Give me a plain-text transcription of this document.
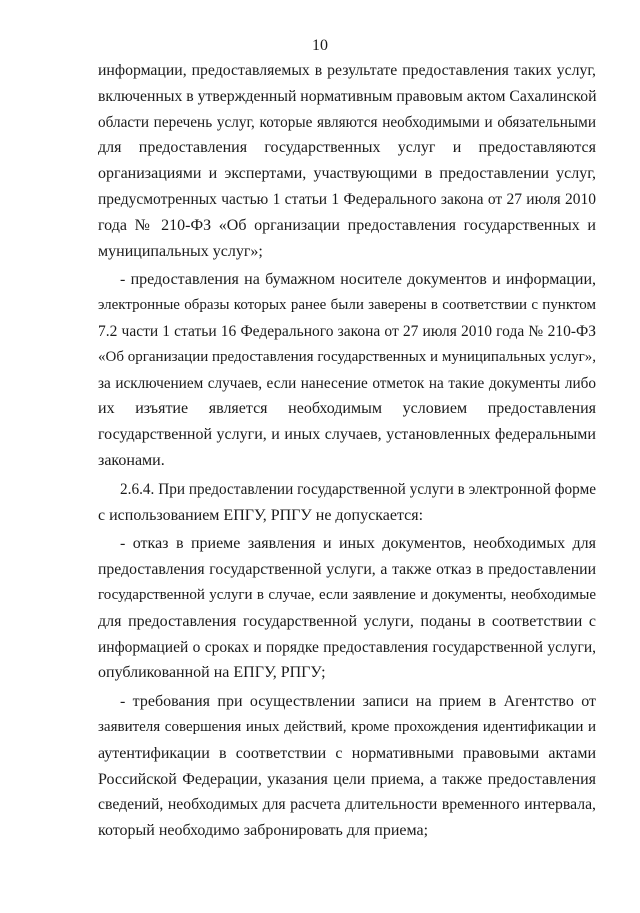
10
информации, предоставляемых в результате предоставления таких услуг,
включенных в утвержденный нормативным правовым актом Сахалинской
области перечень услуг, которые являются необходимыми и обязательными
для предоставления государственных услуг и предоставляются
организациями и экспертами, участвующими в предоставлении услуг,
предусмотренных частью 1 статьи 1 Федерального закона от 27 июля 2010
года № 210-ФЗ «Об организации предоставления государственных и
муниципальных услуг»;
- предоставления на бумажном носителе документов и информации,
электронные образы которых ранее были заверены в соответствии с пунктом
7.2 части 1 статьи 16 Федерального закона от 27 июля 2010 года № 210-ФЗ
«Об организации предоставления государственных и муниципальных услуг»,
за исключением случаев, если нанесение отметок на такие документы либо
их изъятие является необходимым условием предоставления
государственной услуги, и иных случаев, установленных федеральными
законами.
2.6.4. При предоставлении государственной услуги в электронной форме
с использованием ЕПГУ, РПГУ не допускается:
- отказ в приеме заявления и иных документов, необходимых для
предоставления государственной услуги, а также отказ в предоставлении
государственной услуги в случае, если заявление и документы, необходимые
для предоставления государственной услуги, поданы в соответствии с
информацией о сроках и порядке предоставления государственной услуги,
опубликованной на ЕПГУ, РПГУ;
- требования при осуществлении записи на прием в Агентство от
заявителя совершения иных действий, кроме прохождения идентификации и
аутентификации в соответствии с нормативными правовыми актами
Российской Федерации, указания цели приема, а также предоставления
сведений, необходимых для расчета длительности временного интервала,
который необходимо забронировать для приема;
